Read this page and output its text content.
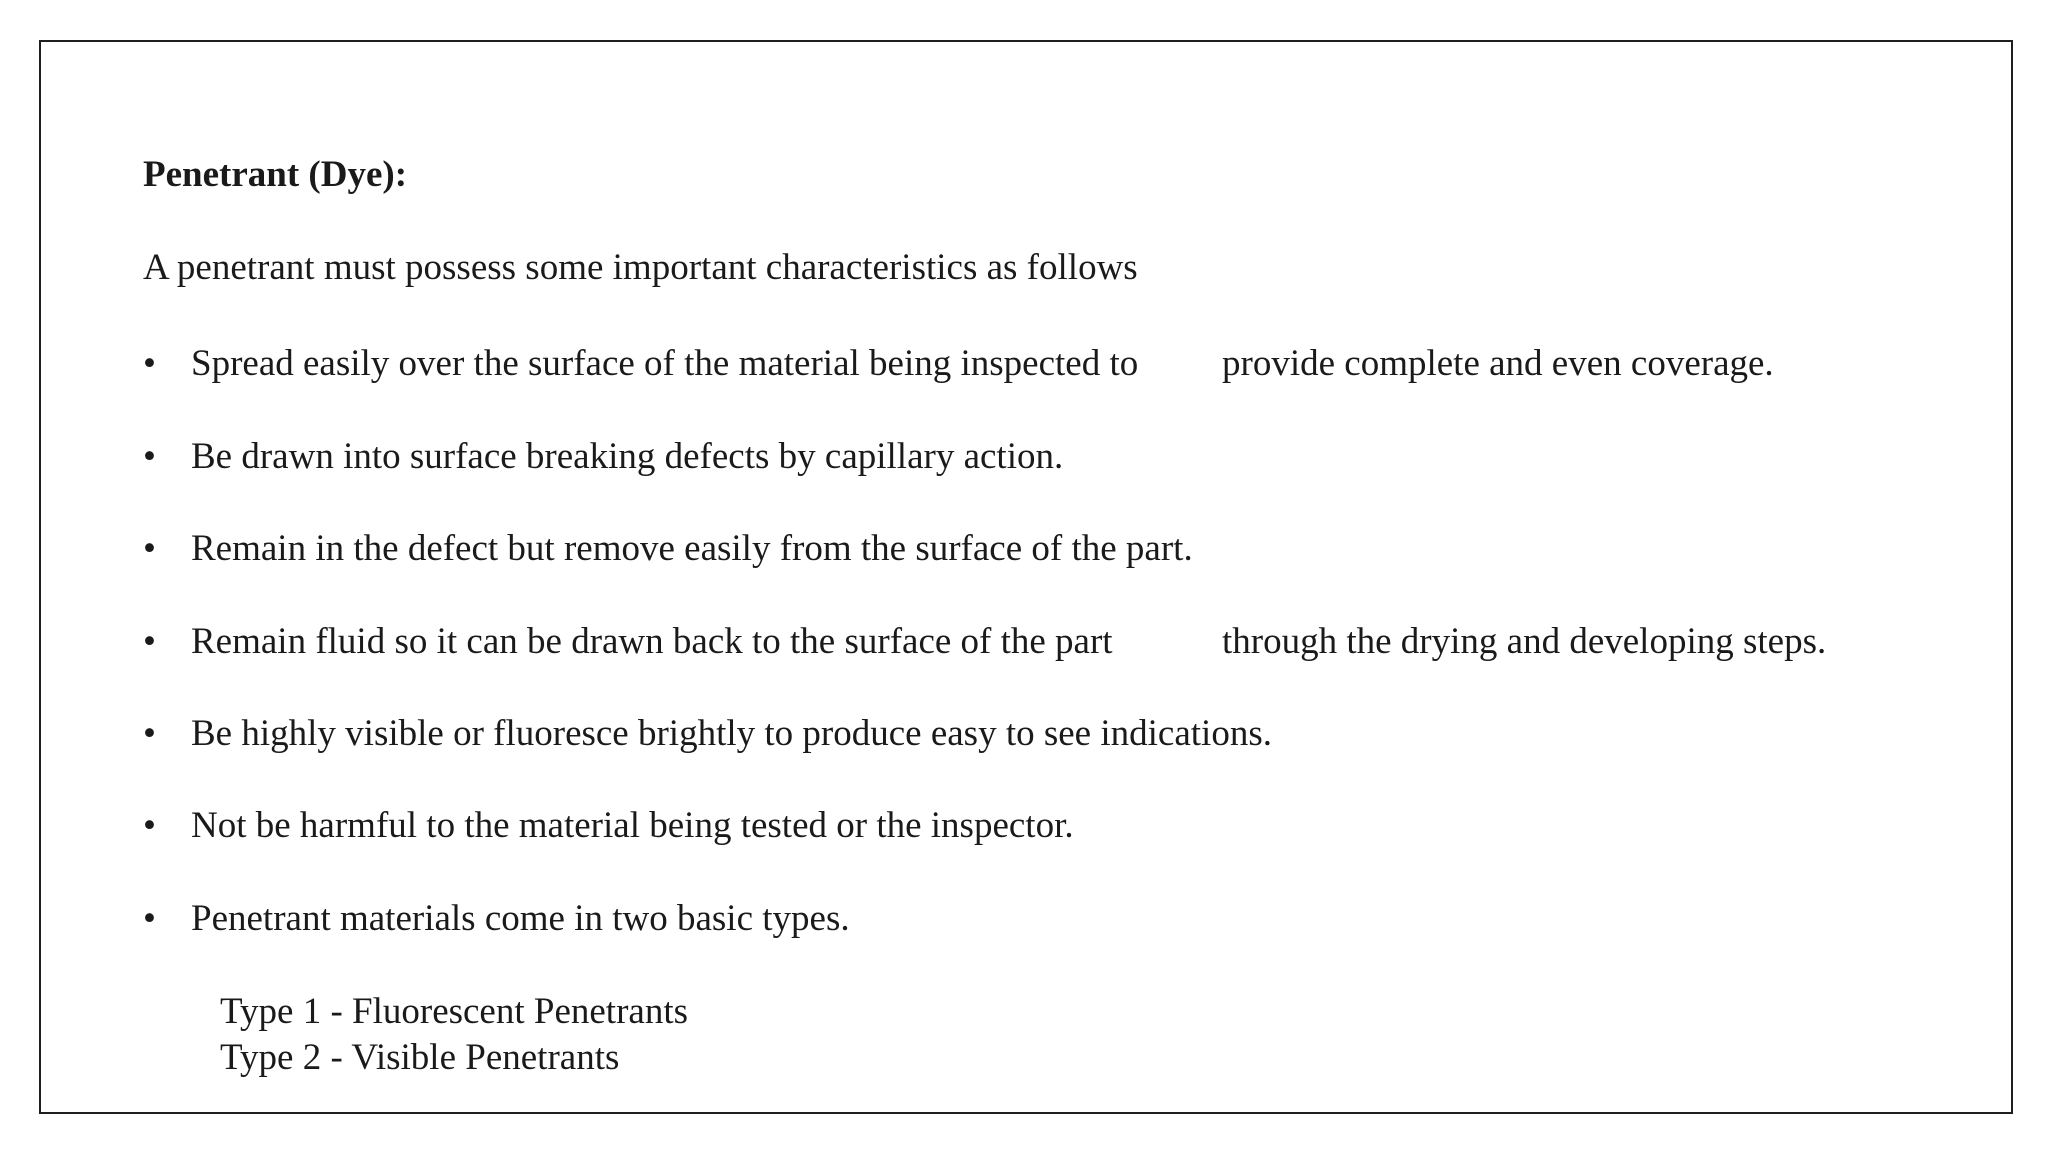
Penetrant (Dye):
A penetrant must possess some important characteristics as follows
• Spread easily over the surface of the material being inspected to provide complete and even coverage.
• Be drawn into surface breaking defects by capillary action.
• Remain in the defect but remove easily from the surface of the part.
• Remain fluid so it can be drawn back to the surface of the part	through the drying and developing steps.
• Be highly visible or fluoresce brightly to produce easy to see indications.
• Not be harmful to the material being tested or the inspector.
• Penetrant materials come in two basic types.
Type 1 - Fluorescent Penetrants
Type 2 - Visible Penetrants
